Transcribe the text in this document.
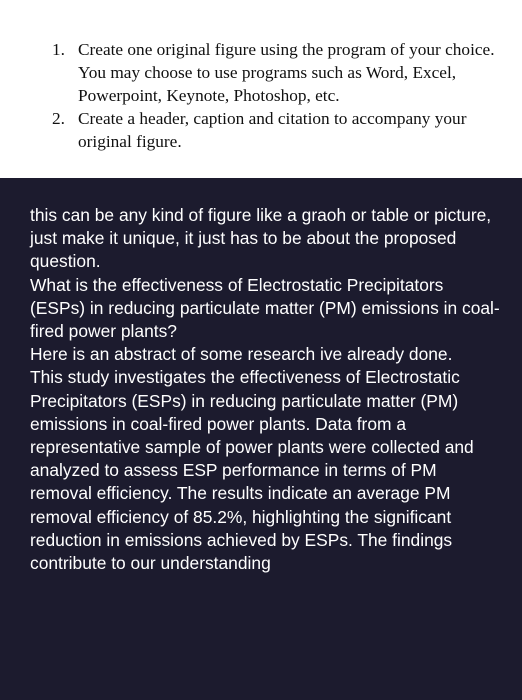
1. Create one original figure using the program of your choice. You may choose to use programs such as Word, Excel, Powerpoint, Keynote, Photoshop, etc.
2. Create a header, caption and citation to accompany your original figure.

this can be any kind of figure like a graoh or table or picture, just make it unique, it just has to be about the proposed question.

What is the effectiveness of Electrostatic Precipitators (ESPs) in reducing particulate matter (PM) emissions in coal-fired power plants?

Here is an abstract of some research ive already done.

This study investigates the effectiveness of Electrostatic Precipitators (ESPs) in reducing particulate matter (PM) emissions in coal-fired power plants. Data from a representative sample of power plants were collected and analyzed to assess ESP performance in terms of PM removal efficiency. The results indicate an average PM removal efficiency of 85.2%, highlighting the significant reduction in emissions achieved by ESPs. The findings contribute to our understanding
